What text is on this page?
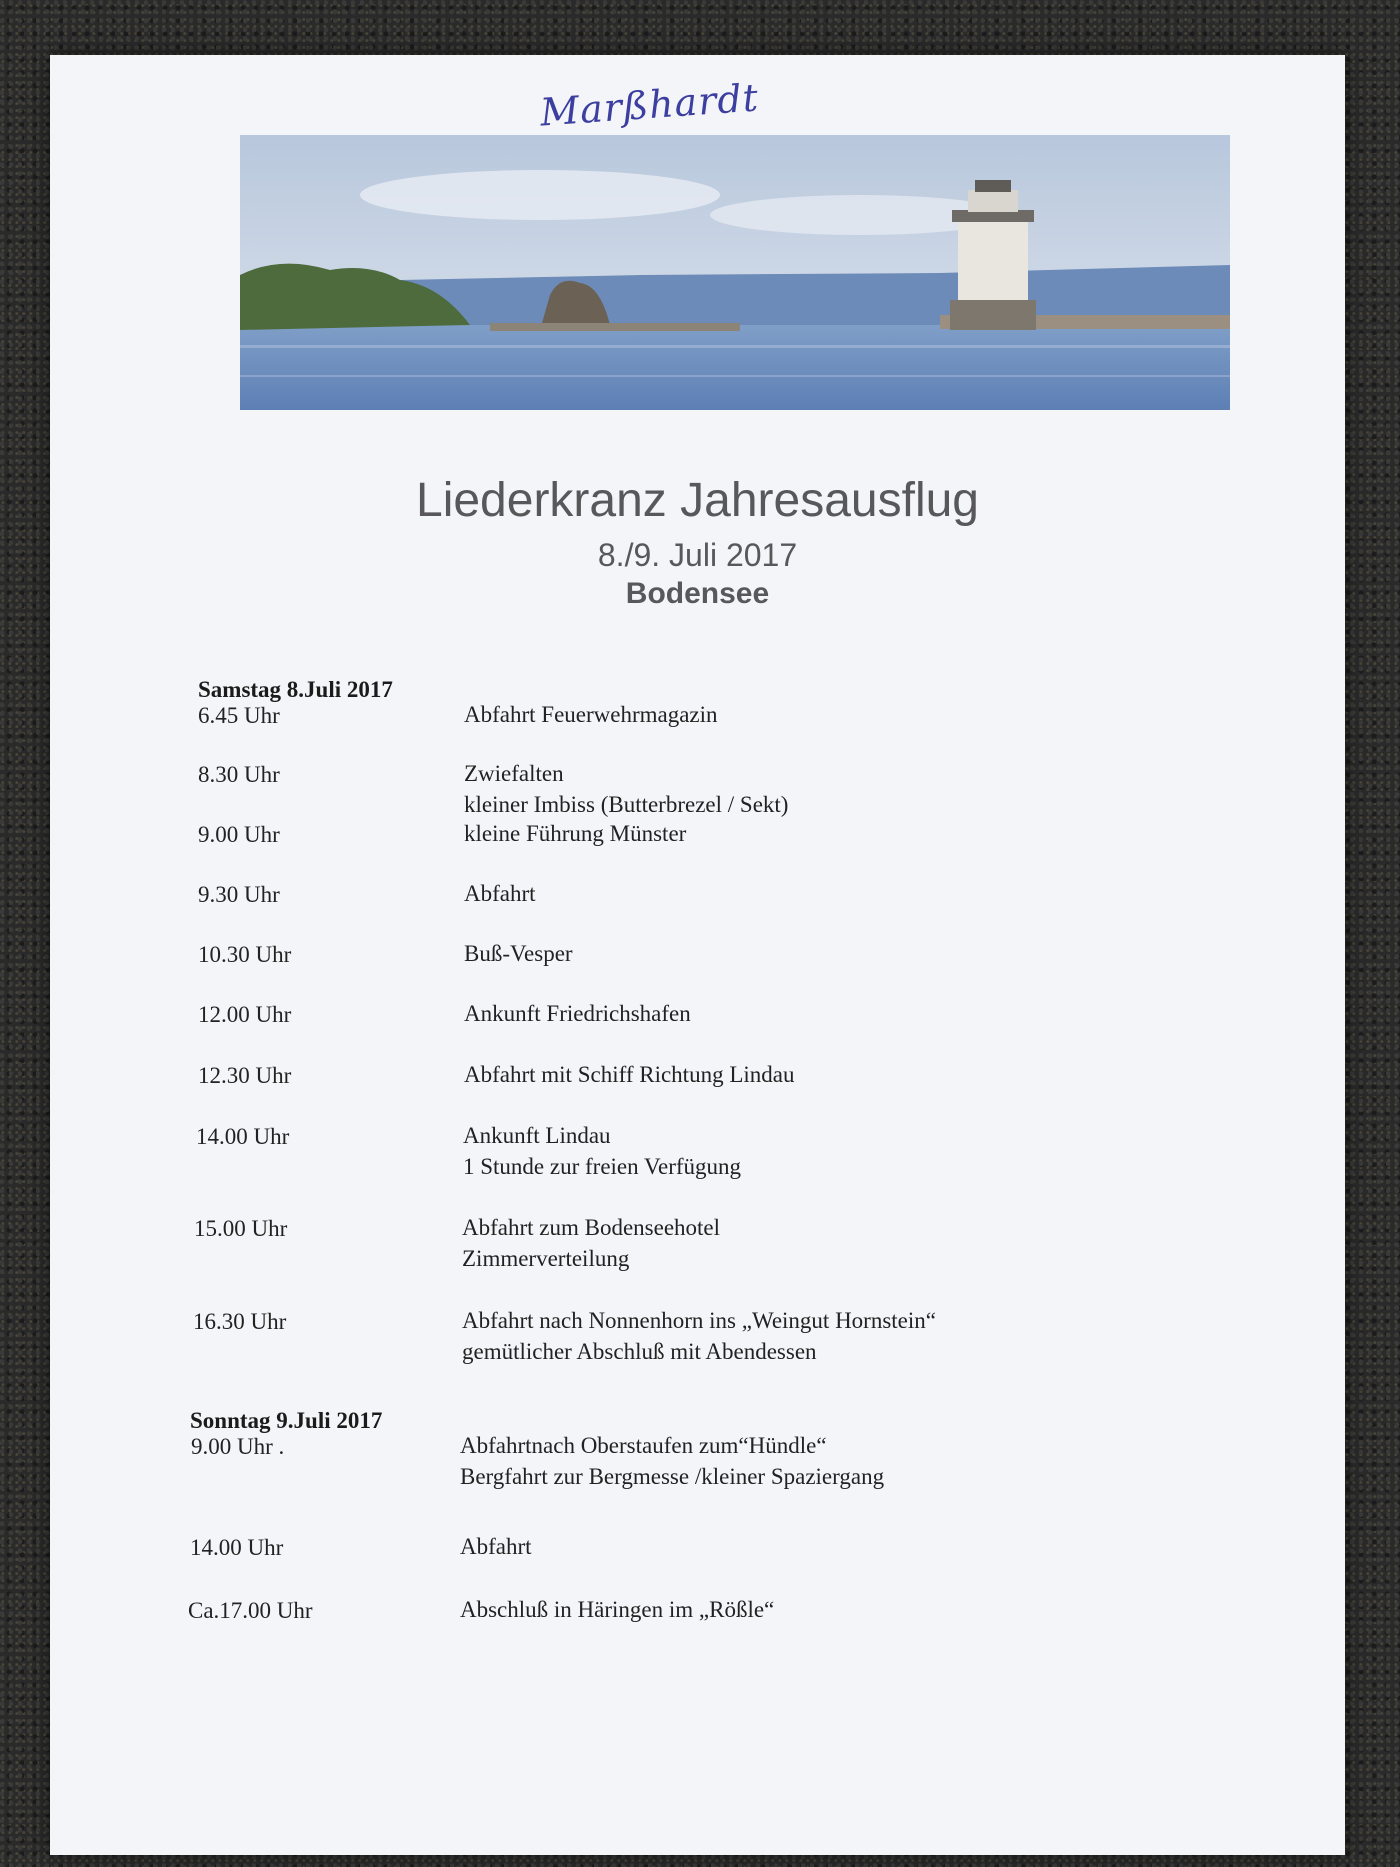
Marßhardt
Liederkranz Jahresausflug
8./9. Juli 2017
Bodensee
Samstag 8.Juli 2017
6.45 Uhr	Abfahrt Feuerwehrmagazin
8.30 Uhr	Zwiefalten
kleiner Imbiss (Butterbrezel / Sekt)
9.00 Uhr	kleine Führung Münster
9.30 Uhr	Abfahrt
10.30 Uhr	Buß-Vesper
12.00 Uhr	Ankunft Friedrichshafen
12.30 Uhr	Abfahrt mit Schiff Richtung Lindau
14.00 Uhr	Ankunft Lindau
1 Stunde zur freien Verfügung
15.00 Uhr	Abfahrt zum Bodenseehotel
Zimmerverteilung
16.30 Uhr	Abfahrt nach Nonnenhorn ins „Weingut Hornstein“
gemütlicher Abschluß mit Abendessen
Sonntag 9.Juli 2017
9.00 Uhr .	Abfahrtnach Oberstaufen zum“Hündle“
Bergfahrt zur Bergmesse /kleiner Spaziergang
14.00 Uhr	Abfahrt
Ca.17.00 Uhr	Abschluß in Häringen im „Rößle“
